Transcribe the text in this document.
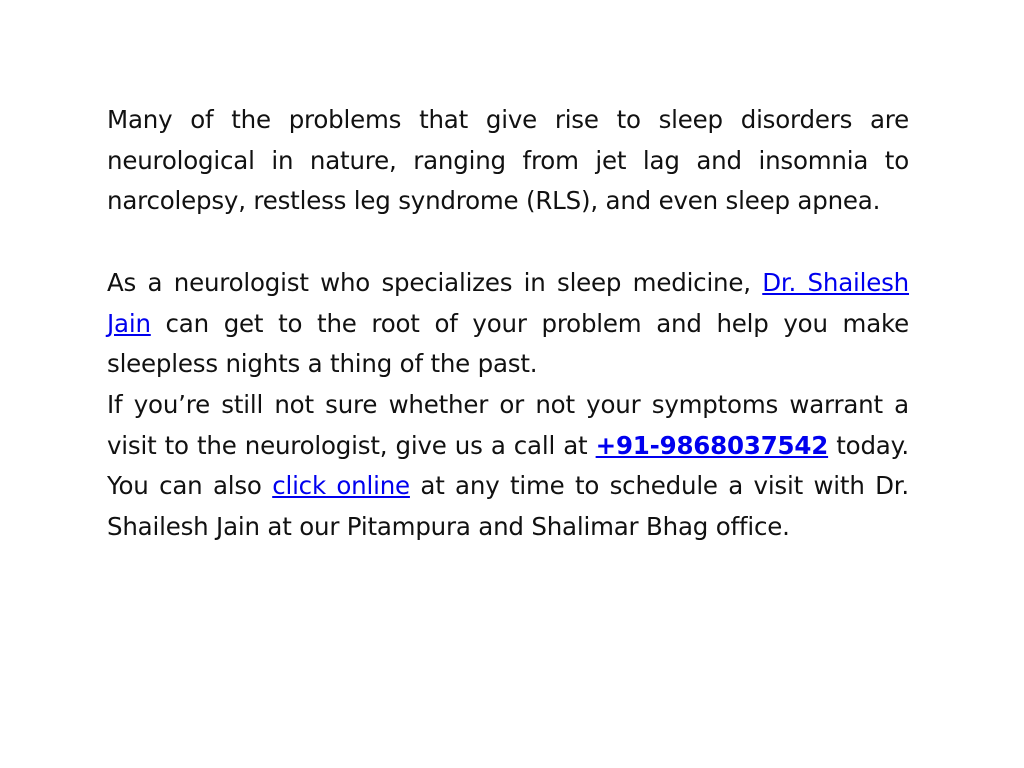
Many of the problems that give rise to sleep disorders are neurological in nature, ranging from jet lag and insomnia to narcolepsy, restless leg syndrome (RLS), and even sleep apnea.

As a neurologist who specializes in sleep medicine, Dr. Shailesh Jain can get to the root of your problem and help you make sleepless nights a thing of the past.

If you’re still not sure whether or not your symptoms warrant a visit to the neurologist, give us a call at +91-9868037542 today. You can also click online at any time to schedule a visit with Dr. Shailesh Jain at our Pitampura and Shalimar Bhag office.
